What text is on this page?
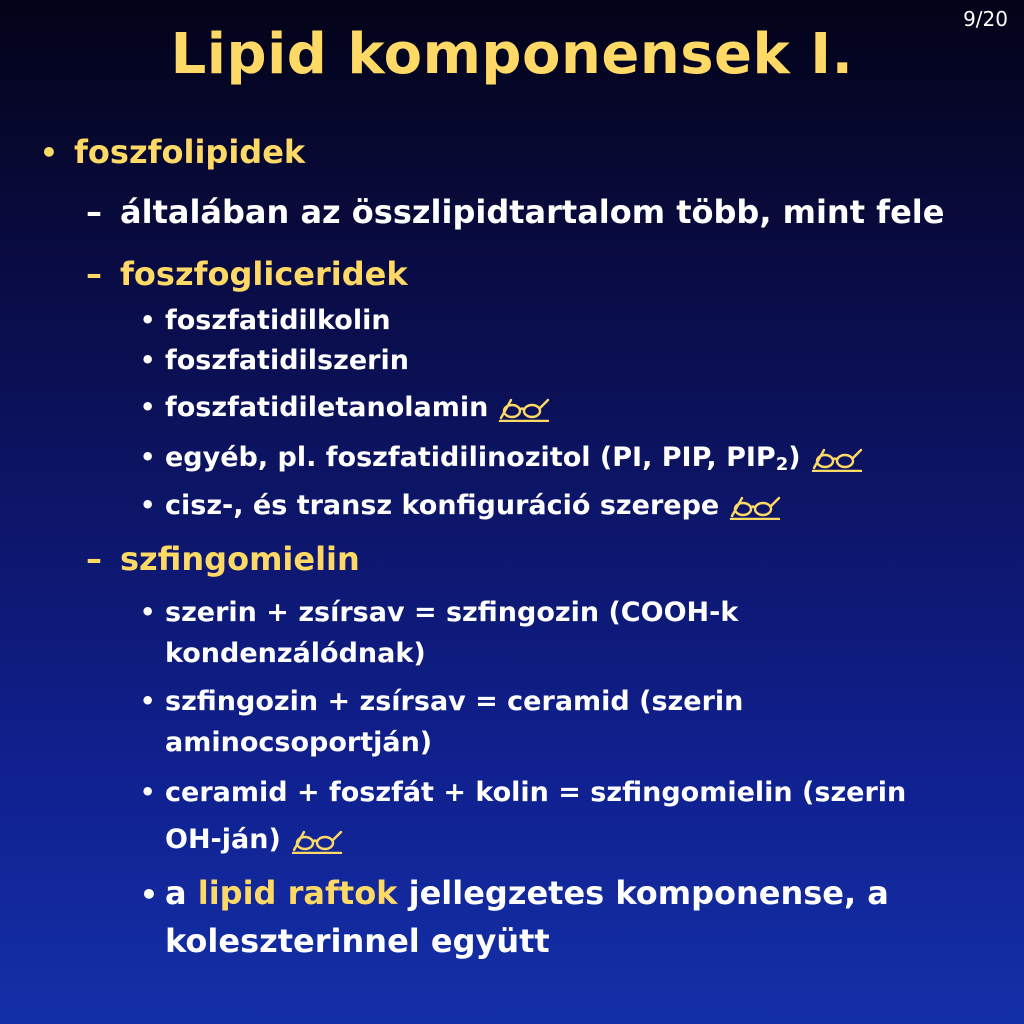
9/20
Lipid komponensek I.
• foszfolipidek
– általában az összlipidtartalom több, mint fele
– foszfogliceridek
• foszfatidilkolin
• foszfatidilszerin
• foszfatidiletanolamin
• egyéb, pl. foszfatidilinozitol (PI, PIP, $PIP_2$)
• cisz-, és transz konfiguráció szerepe
– szfingomielin
• szerin + zsírsav = szfingozin (COOH-k
kondenzálódnak)
• szfingozin + zsírsav = ceramid (szerin
aminocsoportján)
• ceramid + foszfát + kolin = szfingomielin (szerin
OH-ján)
• a lipid raftok jellegzetes komponense, a
koleszterinnel együtt
